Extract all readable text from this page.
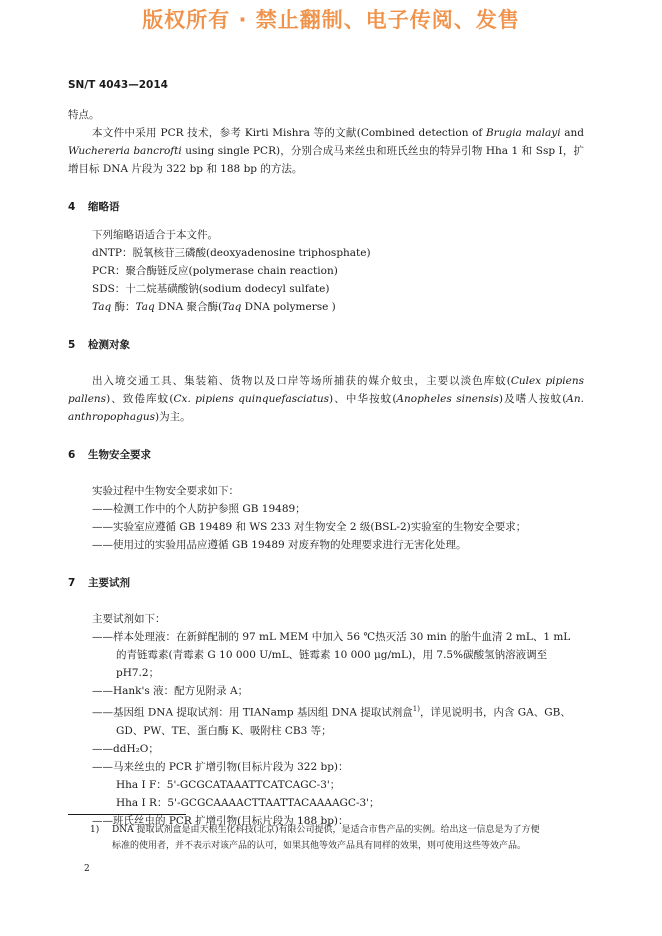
版权所有 · 禁止翻制、电子传阅、发售
SN/T 4043—2014

特点。

本文件中采用 PCR 技术，参考 Kirti Mishra 等的文献(Combined detection of Brugia malayi and Wuchereria bancrofti using single PCR)，分别合成马来丝虫和班氏丝虫的特异引物 Hha 1 和 Ssp I，扩增目标 DNA 片段为 322 bp 和 188 bp 的方法。

4 缩略语

下列缩略语适合于本文件。

dNTP：脱氧核苷三磷酸(deoxyadenosine triphosphate)

PCR：聚合酶链反应(polymerase chain reaction)

SDS：十二烷基磺酸钠(sodium dodecyl sulfate)

Taq 酶：Taq DNA 聚合酶(Taq DNA polymerse )

5 检测对象

出入境交通工具、集装箱、货物以及口岸等场所捕获的媒介蚊虫，主要以淡色库蚊(Culex pipiens pallens)、致倦库蚊(Cx. pipiens quinquefasciatus)、中华按蚊(Anopheles sinensis)及嗜人按蚊(An. anthropophagus)为主。

6 生物安全要求

实验过程中生物安全要求如下：

——检测工作中的个人防护参照 GB 19489；

——实验室应遵循 GB 19489 和 WS 233 对生物安全 2 级(BSL-2)实验室的生物安全要求；

——使用过的实验用品应遵循 GB 19489 对废弃物的处理要求进行无害化处理。

7 主要试剂

主要试剂如下：

——样本处理液：在新鲜配制的 97 mL MEM 中加入 56 ℃热灭活 30 min 的胎牛血清 2 mL、1 mL

的青链霉素(青霉素 G 10 000 U/mL、链霉素 10 000 μg/mL)，用 7.5%碳酸氢钠溶液调至

pH7.2；

——Hank's 液：配方见附录 A；

——基因组 DNA 提取试剂：用 TIANamp 基因组 DNA 提取试剂盒$^{1)}$，详见说明书，内含 GA、GB、

GD、PW、TE、蛋白酶 K、吸附柱 CB3 等；

——ddH₂O；

——马来丝虫的 PCR 扩增引物(目标片段为 322 bp)：

Hha I F：5'-GCGCATAAATTCATCAGC-3'；

Hha I R：5'-GCGCAAAACTTAATTACAAAAGC-3'；

——班氏丝虫的 PCR 扩增引物(目标片段为 188 bp)：

1) DNA 提取试剂盒是由天根生化科技(北京)有限公司提供，是适合市售产品的实例。给出这一信息是为了方便

标准的使用者，并不表示对该产品的认可，如果其他等效产品具有同样的效果，则可使用这些等效产品。

2
